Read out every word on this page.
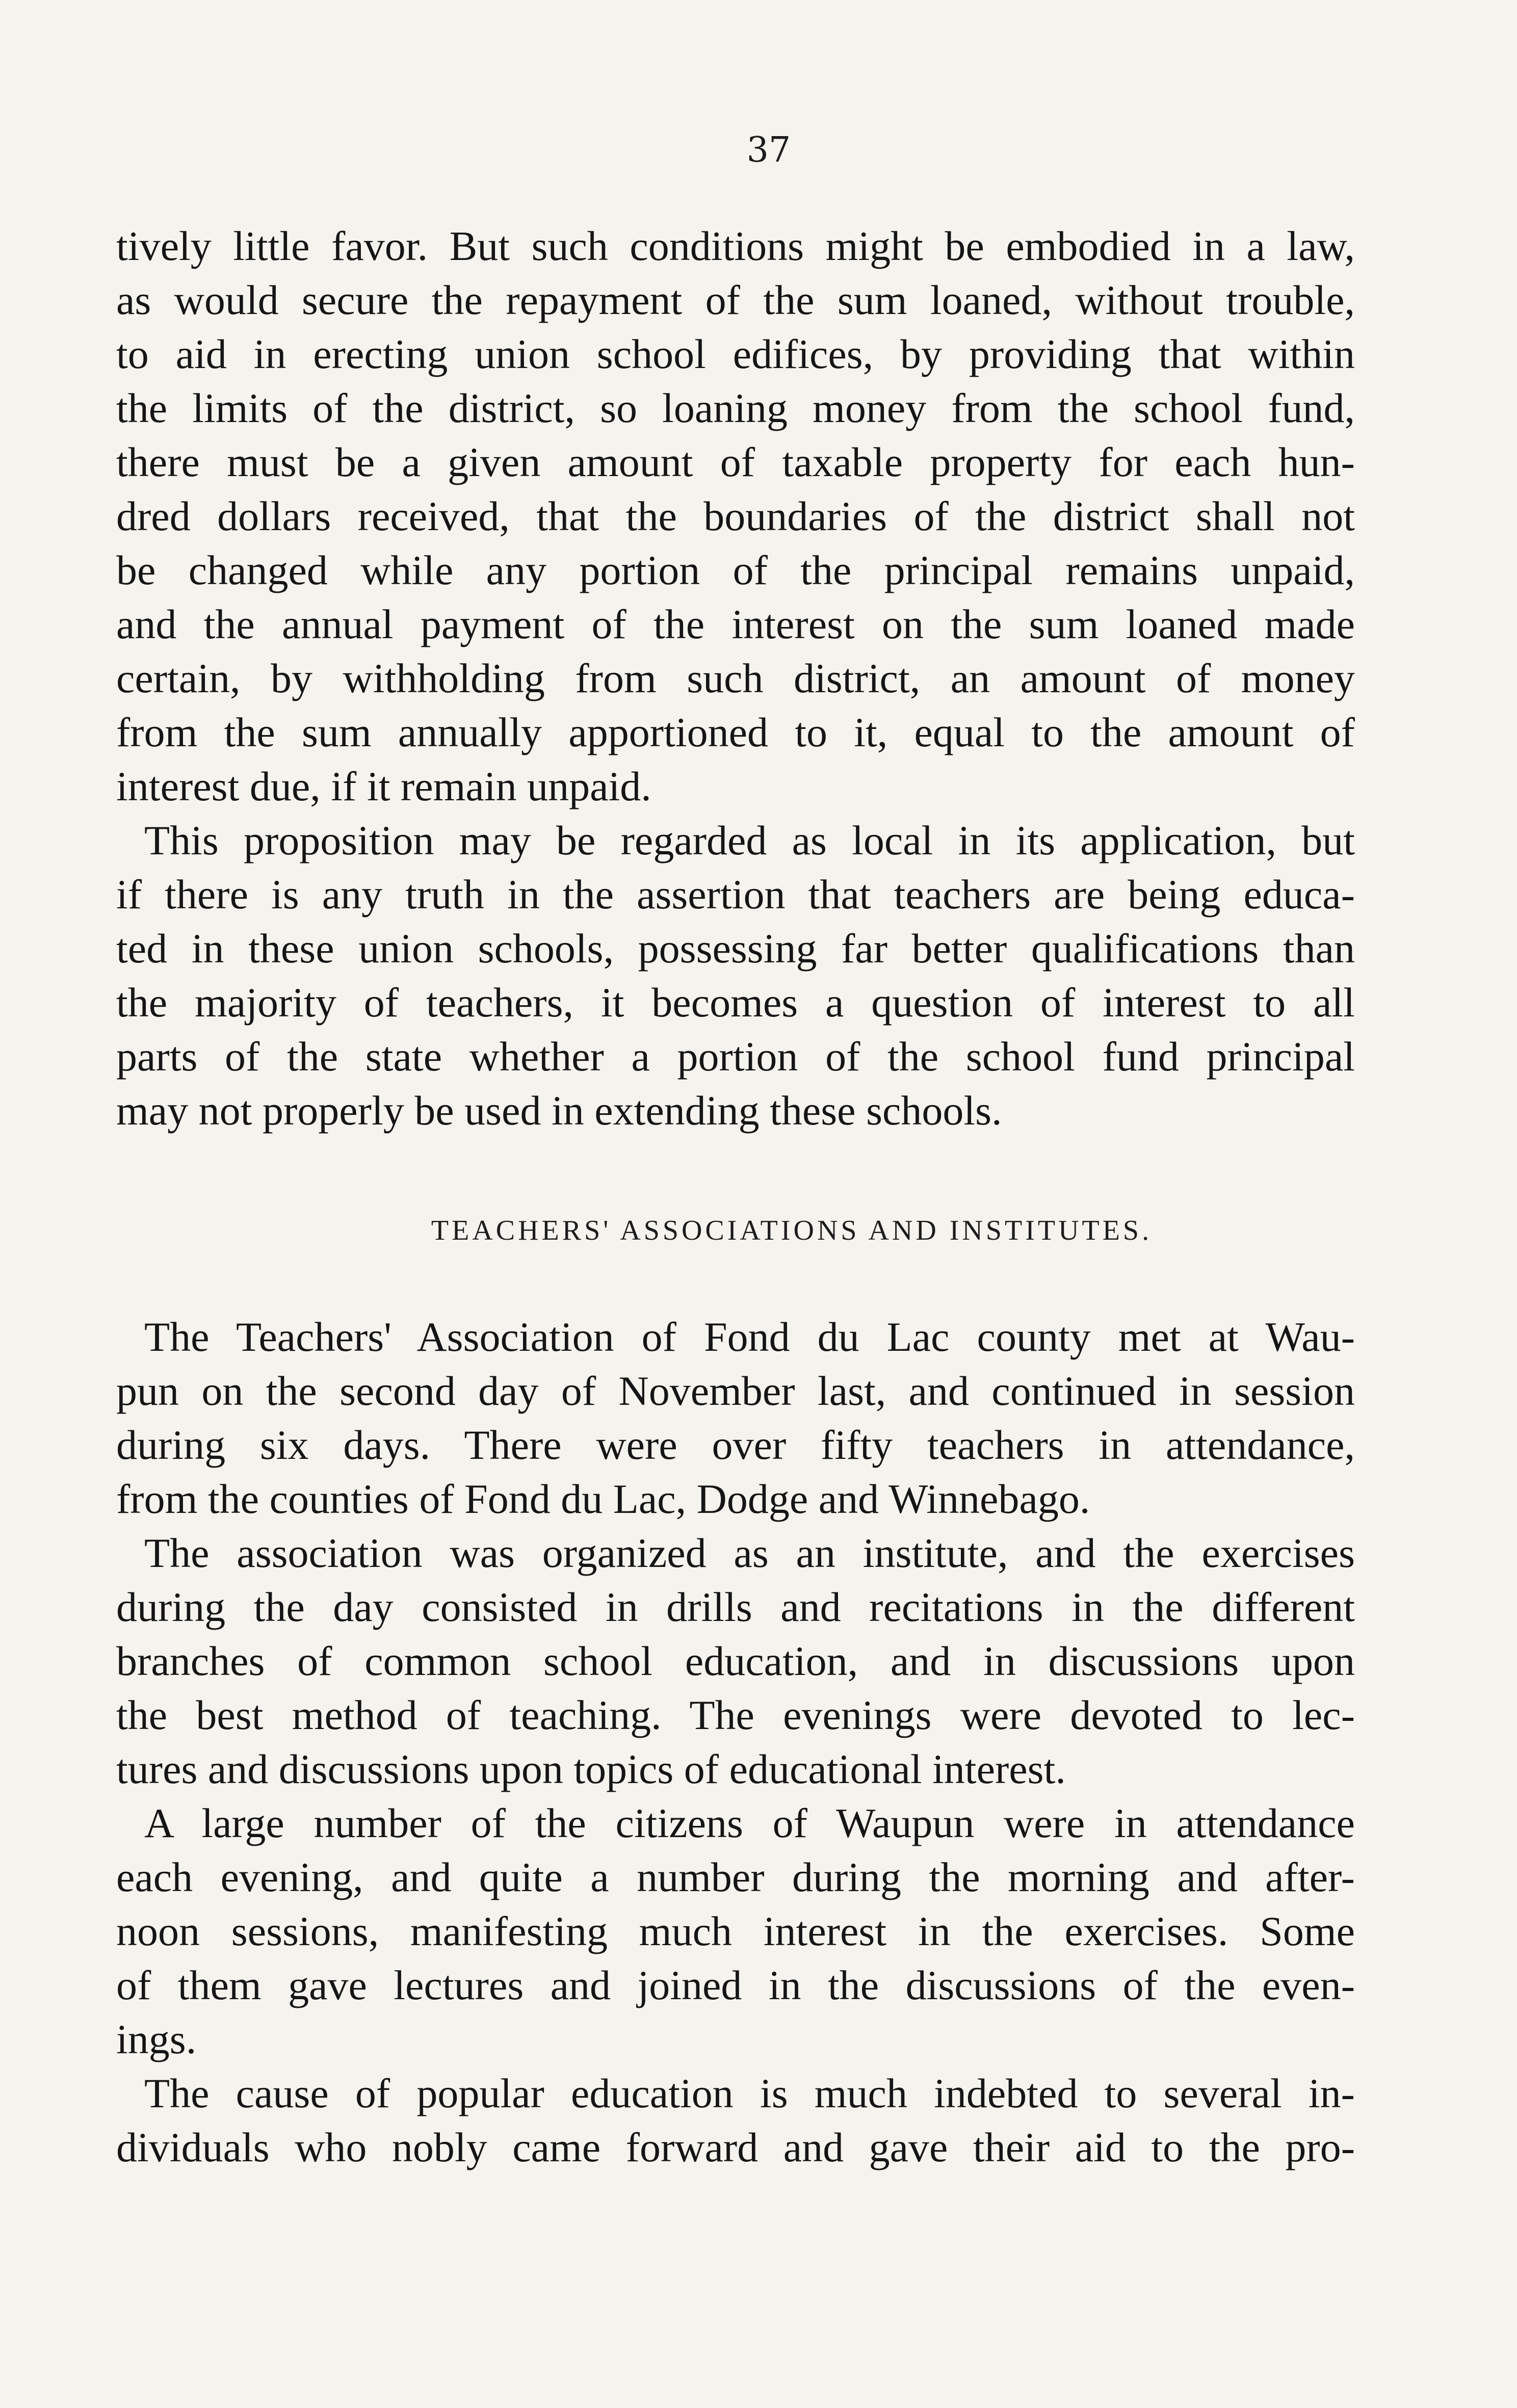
37
tively little favor. But such conditions might be embodied in a law,
as would secure the repayment of the sum loaned, without trouble,
to aid in erecting union school edifices, by providing that within
the limits of the district, so loaning money from the school fund,
there must be a given amount of taxable property for each hun-
dred dollars received, that the boundaries of the district shall not
be changed while any portion of the principal remains unpaid,
and the annual payment of the interest on the sum loaned made
certain, by withholding from such district, an amount of money
from the sum annually apportioned to it, equal to the amount of
interest due, if it remain unpaid.
This proposition may be regarded as local in its application, but
if there is any truth in the assertion that teachers are being educa-
ted in these union schools, possessing far better qualifications than
the majority of teachers, it becomes a question of interest to all
parts of the state whether a portion of the school fund principal
may not properly be used in extending these schools.
TEACHERS' ASSOCIATIONS AND INSTITUTES.
The Teachers' Association of Fond du Lac county met at Wau-
pun on the second day of November last, and continued in session
during six days. There were over fifty teachers in attendance,
from the counties of Fond du Lac, Dodge and Winnebago.
The association was organized as an institute, and the exercises
during the day consisted in drills and recitations in the different
branches of common school education, and in discussions upon
the best method of teaching. The evenings were devoted to lec-
tures and discussions upon topics of educational interest.
A large number of the citizens of Waupun were in attendance
each evening, and quite a number during the morning and after-
noon sessions, manifesting much interest in the exercises. Some
of them gave lectures and joined in the discussions of the even-
ings.
The cause of popular education is much indebted to several in-
dividuals who nobly came forward and gave their aid to the pro-
